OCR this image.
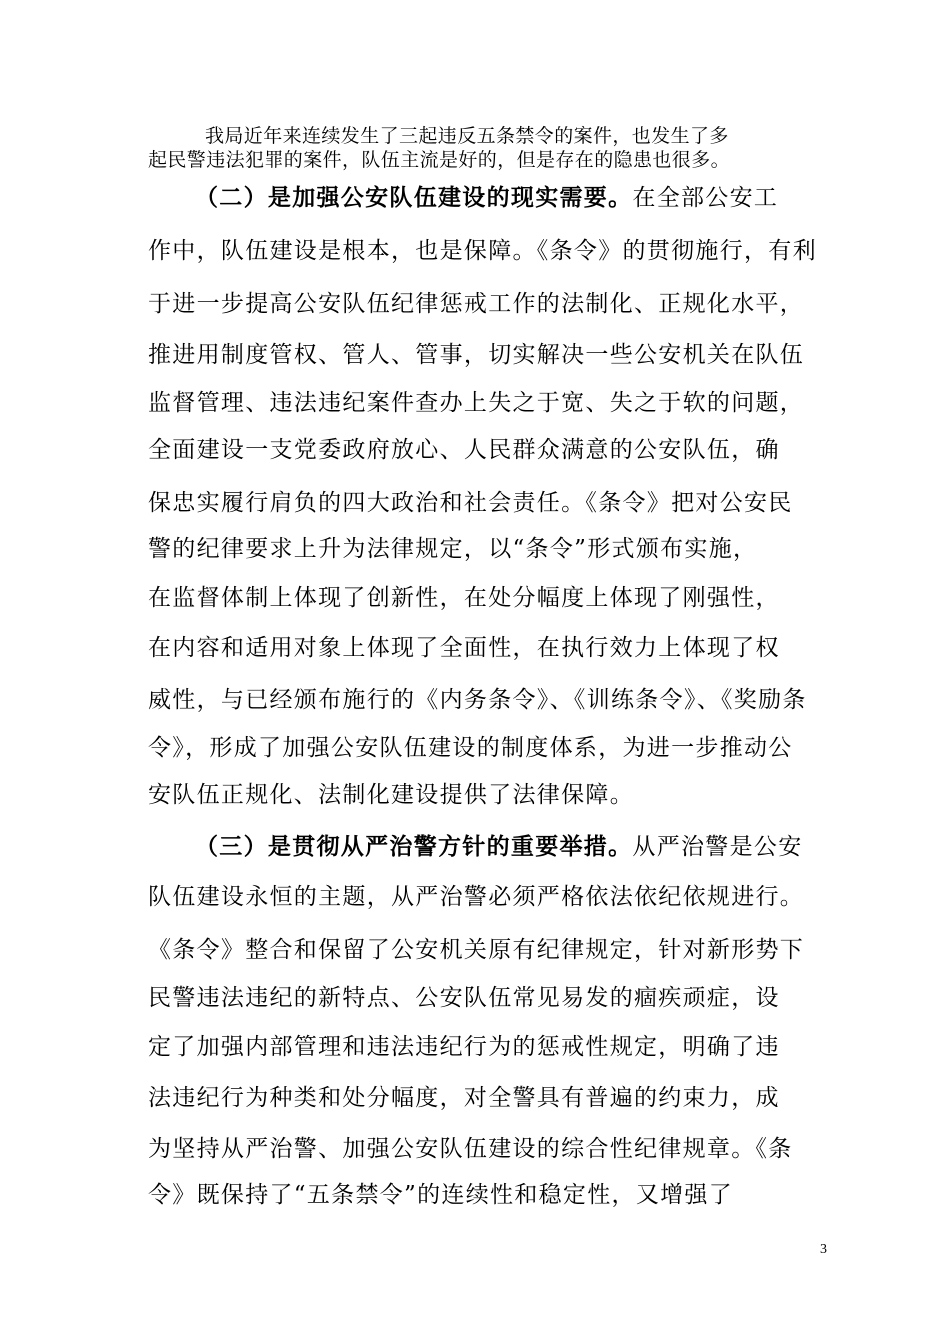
我局近年来连续发生了三起违反五条禁令的案件，也发生了多
起民警违法犯罪的案件，队伍主流是好的，但是存在的隐患也很多。
（二）是加强公安队伍建设的现实需要。在全部公安工
作中，队伍建设是根本，也是保障。《条令》的贯彻施行，有利
于进一步提高公安队伍纪律惩戒工作的法制化、正规化水平，
推进用制度管权、管人、管事，切实解决一些公安机关在队伍
监督管理、违法违纪案件查办上失之于宽、失之于软的问题，
全面建设一支党委政府放心、人民群众满意的公安队伍，确
保忠实履行肩负的四大政治和社会责任。《条令》把对公安民
警的纪律要求上升为法律规定，以“条令”形式颁布实施，
在监督体制上体现了创新性，在处分幅度上体现了刚强性，
在内容和适用对象上体现了全面性，在执行效力上体现了权
威性，与已经颁布施行的《内务条令》、《训练条令》、《奖励条
令》，形成了加强公安队伍建设的制度体系，为进一步推动公
安队伍正规化、法制化建设提供了法律保障。
（三）是贯彻从严治警方针的重要举措。从严治警是公安
队伍建设永恒的主题，从严治警必须严格依法依纪依规进行。
《条令》整合和保留了公安机关原有纪律规定，针对新形势下
民警违法违纪的新特点、公安队伍常见易发的痼疾顽症，设
定了加强内部管理和违法违纪行为的惩戒性规定，明确了违
法违纪行为种类和处分幅度，对全警具有普遍的约束力，成
为坚持从严治警、加强公安队伍建设的综合性纪律规章。《条
令》既保持了“五条禁令”的连续性和稳定性，又增强了
3
